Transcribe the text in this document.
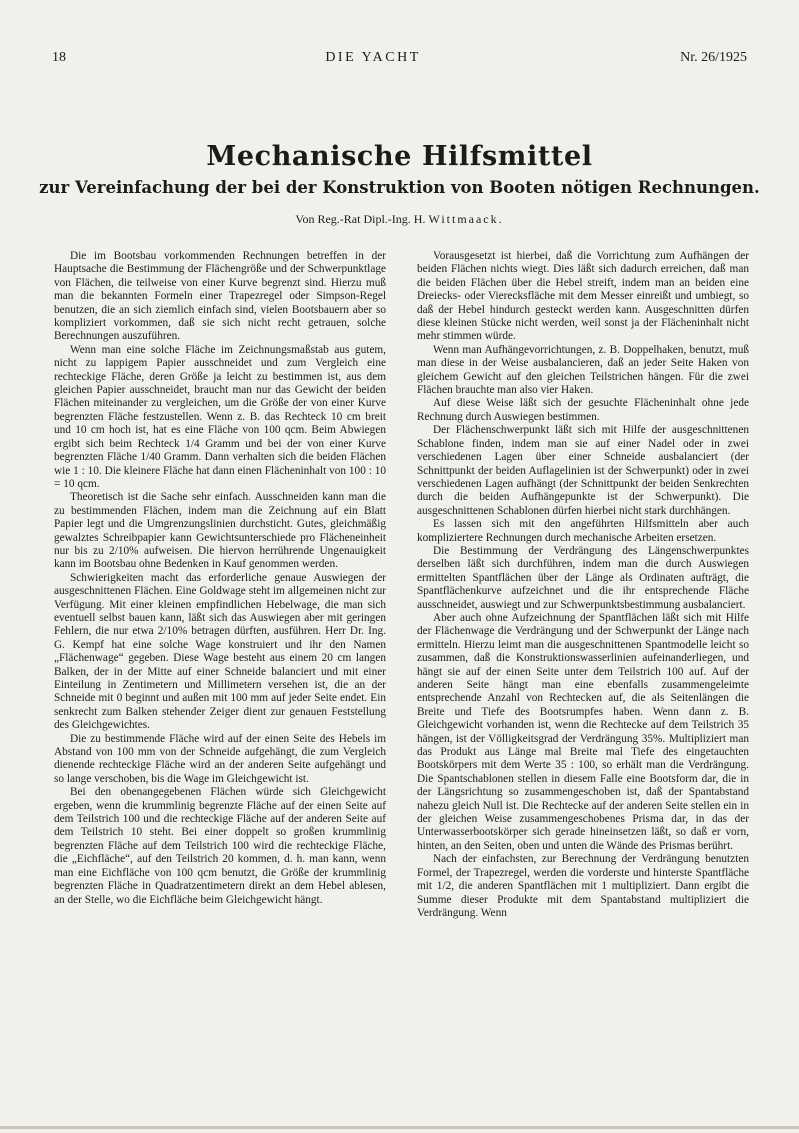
18	DIE YACHT	Nr. 26/1925
Mechanische Hilfsmittel
zur Vereinfachung der bei der Konstruktion von Booten nötigen Rechnungen.
Von Reg.-Rat Dipl.-Ing. H. Wittmaack.

Die im Bootsbau vorkommenden Rechnungen betreffen in der Hauptsache die Bestimmung der Flächengröße und der Schwerpunktlage von Flächen, die teilweise von einer Kurve begrenzt sind. Hierzu muß man die bekannten Formeln einer Trapezregel oder Simpson-Regel benutzen, die an sich ziemlich einfach sind, vielen Bootsbauern aber so kompliziert vorkommen, daß sie sich nicht recht getrauen, solche Berechnungen auszuführen.

Wenn man eine solche Fläche im Zeichnungsmaßstab aus gutem, nicht zu lappigem Papier ausschneidet und zum Vergleich eine rechteckige Fläche, deren Größe ja leicht zu bestimmen ist, aus dem gleichen Papier ausschneidet, braucht man nur das Gewicht der beiden Flächen miteinander zu vergleichen, um die Größe der von einer Kurve begrenzten Fläche festzustellen. Wenn z. B. das Rechteck 10 cm breit und 10 cm hoch ist, hat es eine Fläche von 100 qcm. Beim Abwiegen ergibt sich beim Rechteck 1/4 Gramm und bei der von einer Kurve begrenzten Fläche 1/40 Gramm. Dann verhalten sich die beiden Flächen wie 1 : 10. Die kleinere Fläche hat dann einen Flächeninhalt von 100 : 10 = 10 qcm.

Theoretisch ist die Sache sehr einfach. Ausschneiden kann man die zu bestimmenden Flächen, indem man die Zeichnung auf ein Blatt Papier legt und die Umgrenzungslinien durchsticht. Gutes, gleichmäßig gewalztes Schreibpapier kann Gewichtsunterschiede pro Flächeneinheit nur bis zu 2/10% aufweisen. Die hiervon herrührende Ungenauigkeit kann im Bootsbau ohne Bedenken in Kauf genommen werden.

Schwierigkeiten macht das erforderliche genaue Auswiegen der ausgeschnittenen Flächen. Eine Goldwage steht im allgemeinen nicht zur Verfügung. Mit einer kleinen empfindlichen Hebelwage, die man sich eventuell selbst bauen kann, läßt sich das Auswiegen aber mit geringen Fehlern, die nur etwa 2/10% betragen dürften, ausführen. Herr Dr. Ing. G. Kempf hat eine solche Wage konstruiert und ihr den Namen „Flächenwage“ gegeben. Diese Wage besteht aus einem 20 cm langen Balken, der in der Mitte auf einer Schneide balanciert und mit einer Einteilung in Zentimetern und Millimetern versehen ist, die an der Schneide mit 0 beginnt und außen mit 100 mm auf jeder Seite endet. Ein senkrecht zum Balken stehender Zeiger dient zur genauen Feststellung des Gleichgewichtes.

Die zu bestimmende Fläche wird auf der einen Seite des Hebels im Abstand von 100 mm von der Schneide aufgehängt, die zum Vergleich dienende rechteckige Fläche wird an der anderen Seite aufgehängt und so lange verschoben, bis die Wage im Gleichgewicht ist.

Bei den obenangegebenen Flächen würde sich Gleichgewicht ergeben, wenn die krummlinig begrenzte Fläche auf der einen Seite auf dem Teilstrich 100 und die rechteckige Fläche auf der anderen Seite auf dem Teilstrich 10 steht. Bei einer doppelt so großen krummlinig begrenzten Fläche auf dem Teilstrich 100 wird die rechteckige Fläche, die „Eichfläche“, auf den Teilstrich 20 kommen, d. h. man kann, wenn man eine Eichfläche von 100 qcm benutzt, die Größe der krummlinig begrenzten Fläche in Quadratzentimetern direkt an dem Hebel ablesen, an der Stelle, wo die Eichfläche beim Gleichgewicht hängt.

Vorausgesetzt ist hierbei, daß die Vorrichtung zum Aufhängen der beiden Flächen nichts wiegt. Dies läßt sich dadurch erreichen, daß man die beiden Flächen über die Hebel streift, indem man an beiden eine Dreiecks- oder Vierecksfläche mit dem Messer einreißt und umbiegt, so daß der Hebel hindurch gesteckt werden kann. Ausgeschnitten dürfen diese kleinen Stücke nicht werden, weil sonst ja der Flächeninhalt nicht mehr stimmen würde.

Wenn man Aufhängevorrichtungen, z. B. Doppelhaken, benutzt, muß man diese in der Weise ausbalancieren, daß an jeder Seite Haken von gleichem Gewicht auf den gleichen Teilstrichen hängen. Für die zwei Flächen brauchte man also vier Haken.

Auf diese Weise läßt sich der gesuchte Flächeninhalt ohne jede Rechnung durch Auswiegen bestimmen.

Der Flächenschwerpunkt läßt sich mit Hilfe der ausgeschnittenen Schablone finden, indem man sie auf einer Nadel oder in zwei verschiedenen Lagen über einer Schneide ausbalanciert (der Schnittpunkt der beiden Auflagelinien ist der Schwerpunkt) oder in zwei verschiedenen Lagen aufhängt (der Schnittpunkt der beiden Senkrechten durch die beiden Aufhängepunkte ist der Schwerpunkt). Die ausgeschnittenen Schablonen dürfen hierbei nicht stark durchhängen.

Es lassen sich mit den angeführten Hilfsmitteln aber auch kompliziertere Rechnungen durch mechanische Arbeiten ersetzen.

Die Bestimmung der Verdrängung des Längenschwerpunktes derselben läßt sich durchführen, indem man die durch Auswiegen ermittelten Spantflächen über der Länge als Ordinaten aufträgt, die Spantflächenkurve aufzeichnet und die ihr entsprechende Fläche ausschneidet, auswiegt und zur Schwerpunktsbestimmung ausbalanciert.

Aber auch ohne Aufzeichnung der Spantflächen läßt sich mit Hilfe der Flächenwage die Verdrängung und der Schwerpunkt der Länge nach ermitteln. Hierzu leimt man die ausgeschnittenen Spantmodelle leicht so zusammen, daß die Konstruktionswasserlinien aufeinanderliegen, und hängt sie auf der einen Seite unter dem Teilstrich 100 auf. Auf der anderen Seite hängt man eine ebenfalls zusammengeleimte entsprechende Anzahl von Rechtecken auf, die als Seitenlängen die Breite und Tiefe des Bootsrumpfes haben. Wenn dann z. B. Gleichgewicht vorhanden ist, wenn die Rechtecke auf dem Teilstrich 35 hängen, ist der Völligkeitsgrad der Verdrängung 35%. Multipliziert man das Produkt aus Länge mal Breite mal Tiefe des eingetauchten Bootskörpers mit dem Werte 35 : 100, so erhält man die Verdrängung. Die Spantschablonen stellen in diesem Falle eine Bootsform dar, die in der Längsrichtung so zusammengeschoben ist, daß der Spantabstand nahezu gleich Null ist. Die Rechtecke auf der anderen Seite stellen ein in der gleichen Weise zusammengeschobenes Prisma dar, in das der Unterwasserbootskörper sich gerade hineinsetzen läßt, so daß er vorn, hinten, an den Seiten, oben und unten die Wände des Prismas berührt.

Nach der einfachsten, zur Berechnung der Verdrängung benutzten Formel, der Trapezregel, werden die vorderste und hinterste Spantfläche mit 1/2, die anderen Spantflächen mit 1 multipliziert. Dann ergibt die Summe dieser Produkte mit dem Spantabstand multipliziert die Verdrängung. Wenn
